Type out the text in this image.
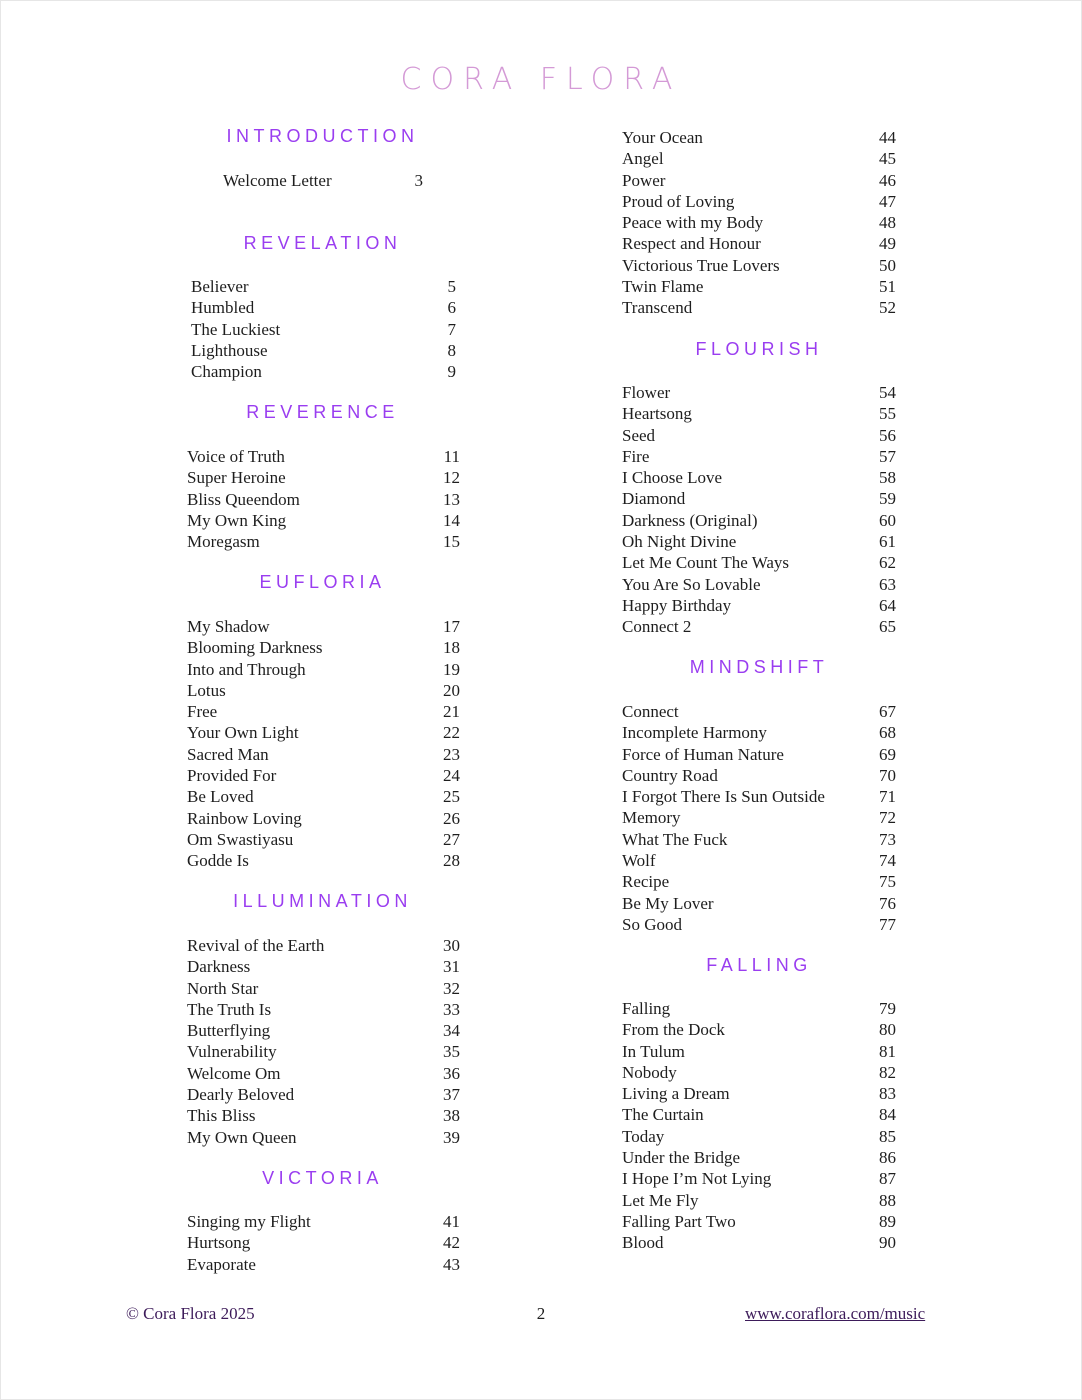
CORA FLORA
INTRODUCTION
Welcome Letter	3
REVELATION
Believer	5
Humbled	6
The Luckiest	7
Lighthouse	8
Champion	9
REVERENCE
Voice of Truth	11
Super Heroine	12
Bliss Queendom	13
My Own King	14
Moregasm	15
EUFLORIA
My Shadow	17
Blooming Darkness	18
Into and Through	19
Lotus	20
Free	21
Your Own Light	22
Sacred Man	23
Provided For	24
Be Loved	25
Rainbow Loving	26
Om Swastiyasu	27
Godde Is	28
ILLUMINATION
Revival of the Earth	30
Darkness	31
North Star	32
The Truth Is	33
Butterflying	34
Vulnerability	35
Welcome Om	36
Dearly Beloved	37
This Bliss	38
My Own Queen	39
VICTORIA
Singing my Flight	41
Hurtsong	42
Evaporate	43
Your Ocean	44
Angel	45
Power	46
Proud of Loving	47
Peace with my Body	48
Respect and Honour	49
Victorious True Lovers	50
Twin Flame	51
Transcend	52
FLOURISH
Flower	54
Heartsong	55
Seed	56
Fire	57
I Choose Love	58
Diamond	59
Darkness (Original)	60
Oh Night Divine	61
Let Me Count The Ways	62
You Are So Lovable	63
Happy Birthday	64
Connect 2	65
MINDSHIFT
Connect	67
Incomplete Harmony	68
Force of Human Nature	69
Country Road	70
I Forgot There Is Sun Outside	71
Memory	72
What The Fuck	73
Wolf	74
Recipe	75
Be My Lover	76
So Good	77
FALLING
Falling	79
From the Dock	80
In Tulum	81
Nobody	82
Living a Dream	83
The Curtain	84
Today	85
Under the Bridge	86
I Hope I’m Not Lying	87
Let Me Fly	88
Falling Part Two	89
Blood	90
© Cora Flora 2025	2	www.coraflora.com/music
